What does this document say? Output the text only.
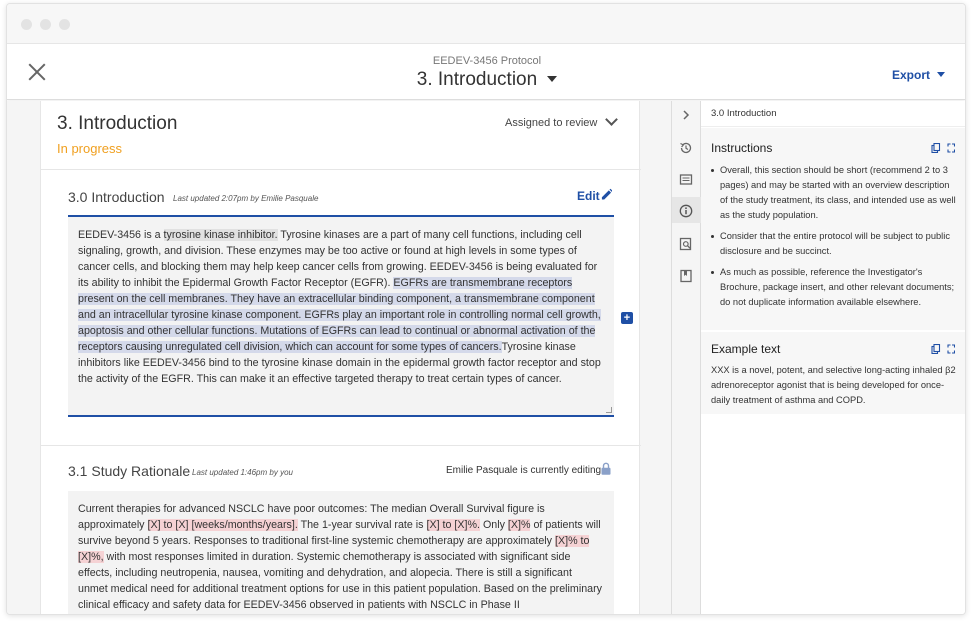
EEDEV-3456 Protocol
3. Introduction	Export
3. Introduction
In progress
Assigned to review
3.0 Introduction Last updated 2:07pm by Emilie Pasquale	Edit
EEDEV-3456 is a tyrosine kinase inhibitor. Tyrosine kinases are a part of many cell functions, including cell signaling, growth, and division. These enzymes may be too active or found at high levels in some types of cancer cells, and blocking them may help keep cancer cells from growing. EEDEV-3456 is being evaluated for its ability to inhibit the Epidermal Growth Factor Receptor (EGFR). EGFRs are transmembrane receptors present on the cell membranes. They have an extracellular binding component, a transmembrane component and an intracellular tyrosine kinase component. EGFRs play an important role in controlling normal cell growth, apoptosis and other cellular functions. Mutations of EGFRs can lead to continual or abnormal activation of the receptors causing unregulated cell division, which can account for some types of cancers.Tyrosine kinase inhibitors like EEDEV-3456 bind to the tyrosine kinase domain in the epidermal growth factor receptor and stop the activity of the EGFR. This can make it an effective targeted therapy to treat certain types of cancer.
3.1 Study Rationale Last updated 1:46pm by you	Emilie Pasquale is currently editing
Current therapies for advanced NSCLC have poor outcomes: The median Overall Survival figure is approximately [X] to [X] [weeks/months/years]. The 1-year survival rate is [X] to [X]%. Only [X]% of patients will survive beyond 5 years. Responses to traditional first-line systemic chemotherapy are approximately [X]% to [X]%, with most responses limited in duration. Systemic chemotherapy is associated with significant side effects, including neutropenia, nausea, vomiting and dehydration, and alopecia. There is still a significant unmet medical need for additional treatment options for use in this patient population. Based on the preliminary clinical efficacy and safety data for EEDEV-3456 observed in patients with NSCLC in Phase II
+
3.0 Introduction
Instructions
Overall, this section should be short (recommend 2 to 3 pages) and may be started with an overview description of the study treatment, its class, and intended use as well as the study population.
Consider that the entire protocol will be subject to public disclosure and be succinct.
As much as possible, reference the Investigator's Brochure, package insert, and other relevant documents; do not duplicate information available elsewhere.
Example text
XXX is a novel, potent, and selective long-acting inhaled β2 adrenoreceptor agonist that is being developed for once-daily treatment of asthma and COPD.
